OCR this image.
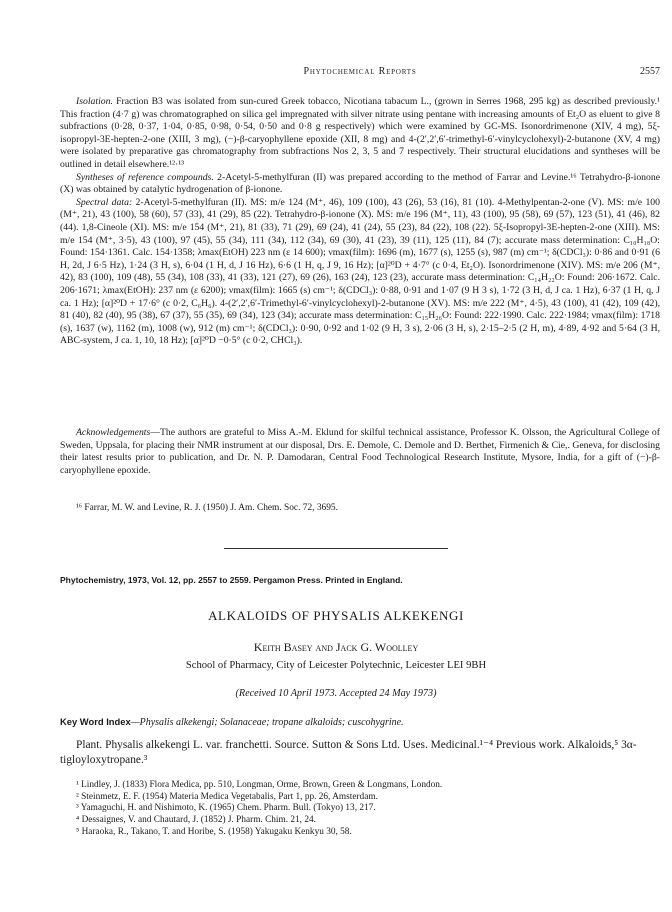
Phytochemical Reports	2557

Isolation. Fraction B3 was isolated from sun-cured Greek tobacco, Nicotiana tabacum L., (grown in Serres 1968, 295 kg) as described previously.¹ This fraction (4·7 g) was chromatographed on silica gel impregnated with silver nitrate using pentane with increasing amounts of Et₂O as eluent to give 8 subfractions (0·28, 0·37, 1·04, 0·85, 0·98, 0·54, 0·50 and 0·8 g respectively) which were examined by GC-MS. Isonordrimenone (XIV, 4 mg), 5ξ-isopropyl-3E-hepten-2-one (XIII, 3 mg), (−)-β-caryophyllene epoxide (XII, 8 mg) and 4-(2′,2′,6′-trimethyl-6′-vinylcyclohexyl)-2-butanone (XV, 4 mg) were isolated by preparative gas chromatography from subfractions Nos 2, 3, 5 and 7 respectively. Their structural elucidations and syntheses will be outlined in detail elsewhere.¹²·¹³

Syntheses of reference compounds. 2-Acetyl-5-methylfuran (II) was prepared according to the method of Farrar and Levine.¹⁶ Tetrahydro-β-ionone (X) was obtained by catalytic hydrogenation of β-ionone.

Spectral data: 2-Acetyl-5-methylfuran (II). MS: m/e 124 (M⁺, 46), 109 (100), 43 (26), 53 (16), 81 (10). 4-Methylpentan-2-one (V). MS: m/e 100 (M⁺, 21), 43 (100), 58 (60), 57 (33), 41 (29), 85 (22). Tetrahydro-β-ionone (X). MS: m/e 196 (M⁺, 11), 43 (100), 95 (58), 69 (57), 123 (51), 41 (46), 82 (44). 1,8-Cineole (XI). MS: m/e 154 (M⁺, 21), 81 (33), 71 (29), 69 (24), 41 (24), 55 (23), 84 (22), 108 (22). 5ξ-Isopropyl-3E-hepten-2-one (XIII). MS: m/e 154 (M⁺, 3·5), 43 (100), 97 (45), 55 (34), 111 (34), 112 (34), 69 (30), 41 (23), 39 (11), 125 (11), 84 (7); accurate mass determination: C₁₀H₁₈O: Found: 154·1361. Calc. 154·1358; λmax(EtOH) 223 nm (ε 14 600); νmax(film): 1696 (m), 1677 (s), 1255 (s), 987 (m) cm⁻¹; δ(CDCl₃): 0·86 and 0·91 (6 H, 2d, J 6·5 Hz), 1·24 (3 H, s), 6·04 (1 H, d, J 16 Hz), 6·6 (1 H, q, J 9, 16 Hz); [α]²⁰D + 4·7° (c 0·4, Et₂O). Isonordrimenone (XIV). MS: m/e 206 (M⁺, 42), 83 (100), 109 (48), 55 (34), 108 (33), 41 (33), 121 (27), 69 (26), 163 (24), 123 (23), accurate mass determination: C₁₄H₂₂O: Found: 206·1672. Calc. 206·1671; λmax(EtOH): 237 nm (ε 6200); νmax(film): 1665 (s) cm⁻¹; δ(CDCl₃): 0·88, 0·91 and 1·07 (9 H 3 s), 1·72 (3 H, d, J ca. 1 Hz), 6·37 (1 H, q, J ca. 1 Hz); [α]²⁰D + 17·6° (c 0·2, C₆H₆). 4-(2′,2′,6′-Trimethyl-6′-vinylcyclohexyl)-2-butanone (XV). MS: m/e 222 (M⁺, 4·5), 43 (100), 41 (42), 109 (42), 81 (40), 82 (40), 95 (38), 67 (37), 55 (35), 69 (34), 123 (34); accurate mass determination: C₁₅H₂₆O: Found: 222·1990. Calc. 222·1984; νmax(film): 1718 (s), 1637 (w), 1162 (m), 1008 (w), 912 (m) cm⁻¹; δ(CDCl₃): 0·90, 0·92 and 1·02 (9 H, 3 s), 2·06 (3 H, s), 2·15–2·5 (2 H, m), 4·89, 4·92 and 5·64 (3 H, ABC-system, J ca. 1, 10, 18 Hz); [α]²⁰D −0·5° (c 0·2, CHCl₃).

Acknowledgements—The authors are grateful to Miss A.-M. Eklund for skilful technical assistance, Professor K. Olsson, the Agricultural College of Sweden, Uppsala, for placing their NMR instrument at our disposal, Drs. E. Demole, C. Demole and D. Berthet, Firmenich & Cie,. Geneva, for disclosing their latest results prior to publication, and Dr. N. P. Damodaran, Central Food Technological Research Institute, Mysore, India, for a gift of (−)-β-caryophyllene epoxide.

¹⁶ Farrar, M. W. and Levine, R. J. (1950) J. Am. Chem. Soc. 72, 3695.
Phytochemistry, 1973, Vol. 12, pp. 2557 to 2559. Pergamon Press. Printed in England.
ALKALOIDS OF PHYSALIS ALKEKENGI
Keith Basey and Jack G. Woolley
School of Pharmacy, City of Leicester Polytechnic, Leicester LEI 9BH
(Received 10 April 1973. Accepted 24 May 1973)
Key Word Index—Physalis alkekengi; Solanaceae; tropane alkaloids; cuscohygrine.

Plant. Physalis alkekengi L. var. franchetti. Source. Sutton & Sons Ltd. Uses. Medicinal.¹⁻⁴ Previous work. Alkaloids,⁵ 3α-tigloyloxytropane.³

¹ Lindley, J. (1833) Flora Medica, pp. 510, Longman, Orme, Brown, Green & Longmans, London.
² Steinmetz, E. F. (1954) Materia Medica Vegetabalis, Part 1, pp. 26, Amsterdam.
³ Yamaguchi, H. and Nishimoto, K. (1965) Chem. Pharm. Bull. (Tokyo) 13, 217.
⁴ Dessaignes, V. and Chautard, J. (1852) J. Pharm. Chim. 21, 24.
⁵ Haraoka, R., Takano, T. and Horibe, S. (1958) Yakugaku Kenkyu 30, 58.
